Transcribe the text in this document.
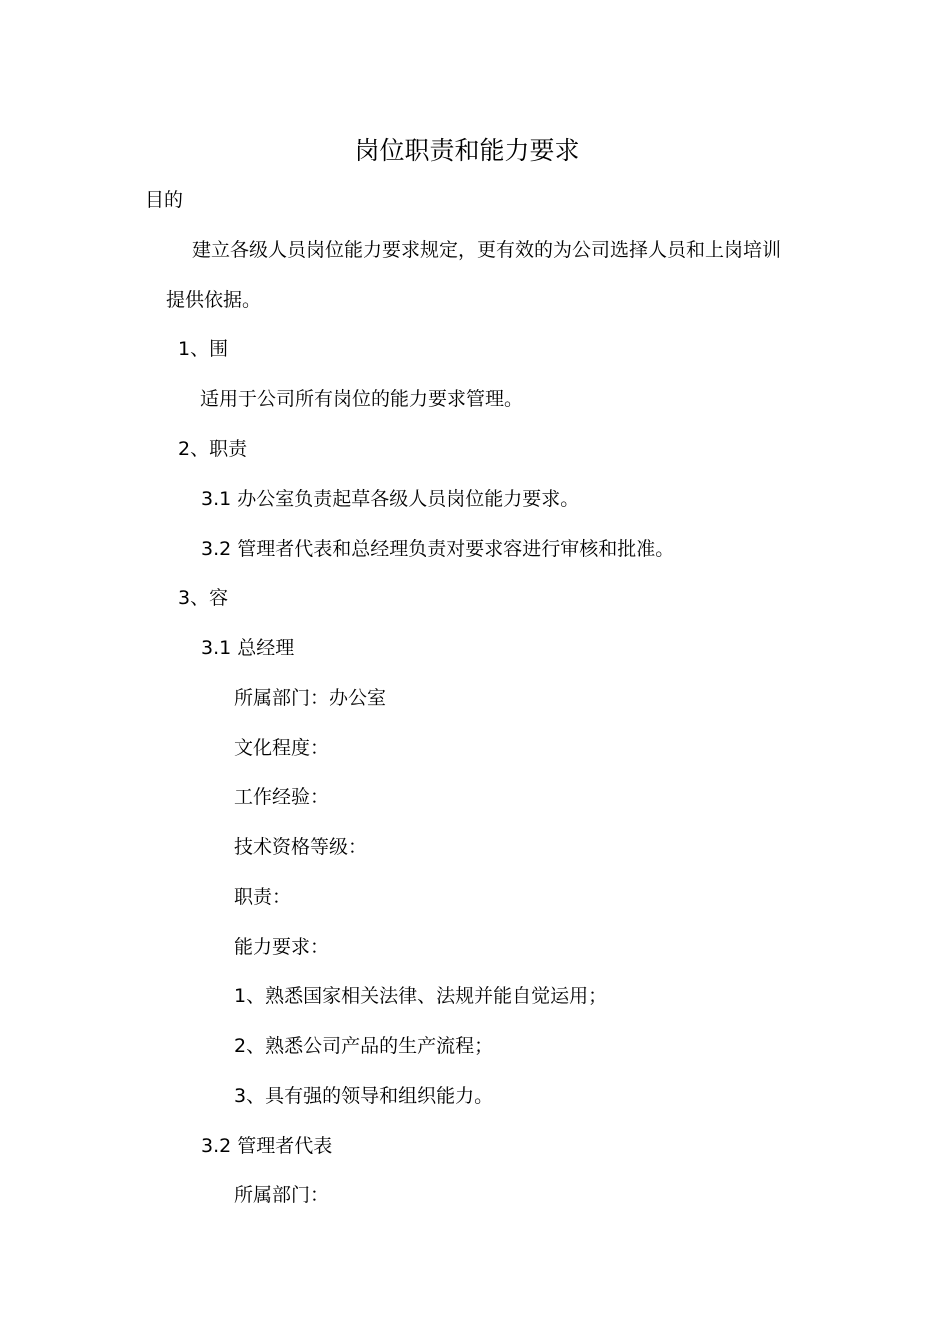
岗位职责和能力要求
目的
建立各级人员岗位能力要求规定，更有效的为公司选择人员和上岗培训
提供依据。
1、围
适用于公司所有岗位的能力要求管理。
2、职责
3.1 办公室负责起草各级人员岗位能力要求。
3.2 管理者代表和总经理负责对要求容进行审核和批准。
3、容
3.1 总经理
所属部门：办公室
文化程度：
工作经验：
技术资格等级：
职责：
能力要求：
1、熟悉国家相关法律、法规并能自觉运用；
2、熟悉公司产品的生产流程；
3、具有强的领导和组织能力。
3.2 管理者代表
所属部门：
